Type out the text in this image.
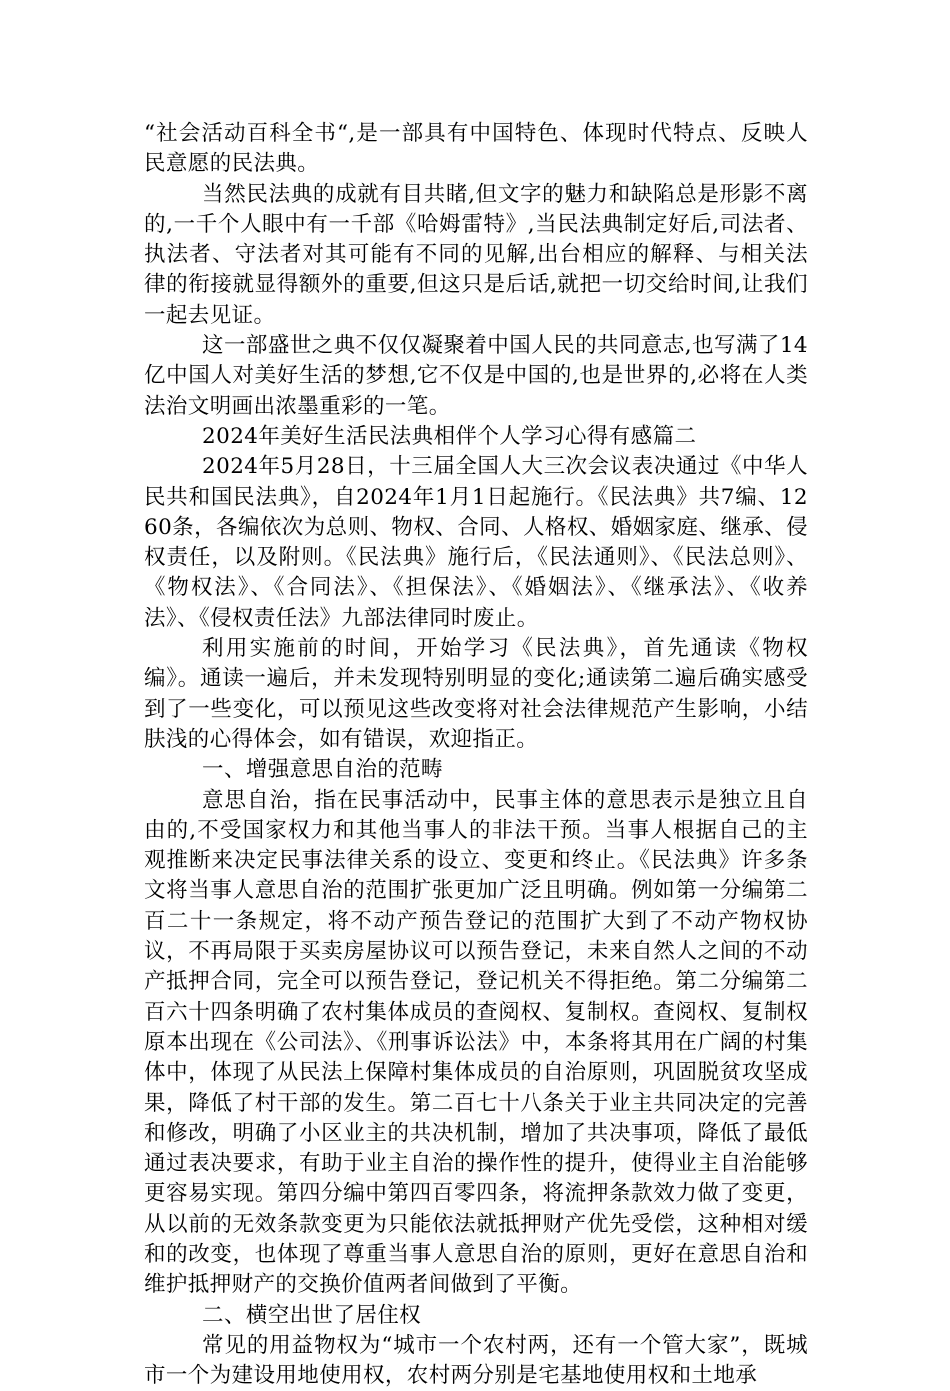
“社会活动百科全书“,是一部具有中国特色、体现时代特点、反映人民意愿的民法典。

当然民法典的成就有目共睹,但文字的魅力和缺陷总是形影不离的,一千个人眼中有一千部《哈姆雷特》,当民法典制定好后,司法者、执法者、守法者对其可能有不同的见解,出台相应的解释、与相关法律的衔接就显得额外的重要,但这只是后话,就把一切交给时间,让我们一起去见证。

这一部盛世之典不仅仅凝聚着中国人民的共同意志,也写满了14亿中国人对美好生活的梦想,它不仅是中国的,也是世界的,必将在人类法治文明画出浓墨重彩的一笔。

2024年美好生活民法典相伴个人学习心得有感篇二

2024年5月28日，十三届全国人大三次会议表决通过《中华人民共和国民法典》，自2024年1月1日起施行。《民法典》共7编、1260条，各编依次为总则、物权、合同、人格权、婚姻家庭、继承、侵权责任，以及附则。《民法典》施行后，《民法通则》、《民法总则》、《物权法》、《合同法》、《担保法》、《婚姻法》、《继承法》、《收养法》、《侵权责任法》九部法律同时废止。

利用实施前的时间，开始学习《民法典》，首先通读《物权编》。通读一遍后，并未发现特别明显的变化;通读第二遍后确实感受到了一些变化，可以预见这些改变将对社会法律规范产生影响，小结肤浅的心得体会，如有错误，欢迎指正。

一、增强意思自治的范畴

意思自治，指在民事活动中，民事主体的意思表示是独立且自由的,不受国家权力和其他当事人的非法干预。当事人根据自己的主观推断来决定民事法律关系的设立、变更和终止。《民法典》许多条文将当事人意思自治的范围扩张更加广泛且明确。例如第一分编第二百二十一条规定，将不动产预告登记的范围扩大到了不动产物权协议，不再局限于买卖房屋协议可以预告登记，未来自然人之间的不动产抵押合同，完全可以预告登记，登记机关不得拒绝。第二分编第二百六十四条明确了农村集体成员的查阅权、复制权。查阅权、复制权原本出现在《公司法》、《刑事诉讼法》中，本条将其用在广阔的村集体中，体现了从民法上保障村集体成员的自治原则，巩固脱贫攻坚成果，降低了村干部的发生。第二百七十八条关于业主共同决定的完善和修改，明确了小区业主的共决机制，增加了共决事项，降低了最低通过表决要求，有助于业主自治的操作性的提升，使得业主自治能够更容易实现。第四分编中第四百零四条，将流押条款效力做了变更，从以前的无效条款变更为只能依法就抵押财产优先受偿，这种相对缓和的改变，也体现了尊重当事人意思自治的原则，更好在意思自治和维护抵押财产的交换价值两者间做到了平衡。

二、横空出世了居住权

常见的用益物权为“城市一个农村两，还有一个管大家”，既城市一个为建设用地使用权，农村两分别是宅基地使用权和土地承
